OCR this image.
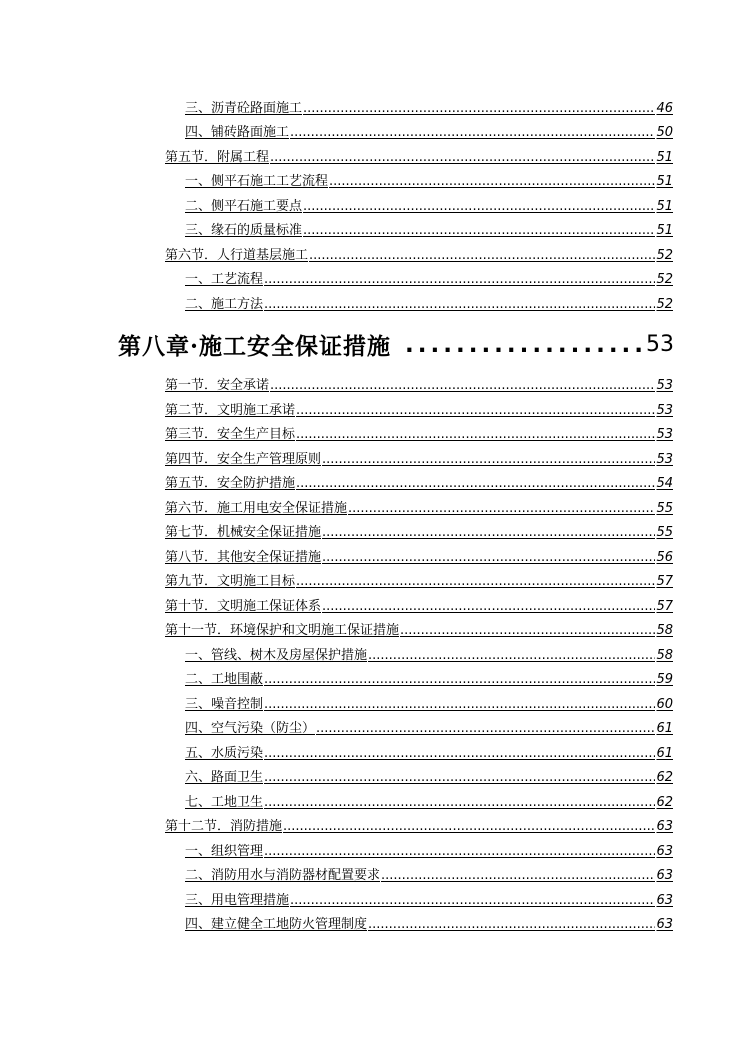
三、沥青砼路面施工 .....	46
四、铺砖路面施工 .....	50
第五节．附属工程 .....	51
一、侧平石施工工艺流程 .....	51
二、侧平石施工要点 .....	51
三、缘石的质量标准 .....	51
第六节．人行道基层施工 .....	52
一、工艺流程 .....	52
二、施工方法 .....	52
第八章·施工安全保证措施 .....	53
第一节．安全承诺 .....	53
第二节．文明施工承诺 .....	53
第三节．安全生产目标 .....	53
第四节．安全生产管理原则 .....	53
第五节．安全防护措施 .....	54
第六节．施工用电安全保证措施 .....	55
第七节．机械安全保证措施 .....	55
第八节．其他安全保证措施 .....	56
第九节．文明施工目标 .....	57
第十节．文明施工保证体系 .....	57
第十一节．环境保护和文明施工保证措施 .....	58
一、管线、树木及房屋保护措施 .....	58
二、工地围蔽 .....	59
三、噪音控制 .....	60
四、空气污染（防尘） .....	61
五、水质污染 .....	61
六、路面卫生 .....	62
七、工地卫生 .....	62
第十二节．消防措施 .....	63
一、组织管理 .....	63
二、消防用水与消防器材配置要求 .....	63
三、用电管理措施 .....	63
四、建立健全工地防火管理制度 .....	63
